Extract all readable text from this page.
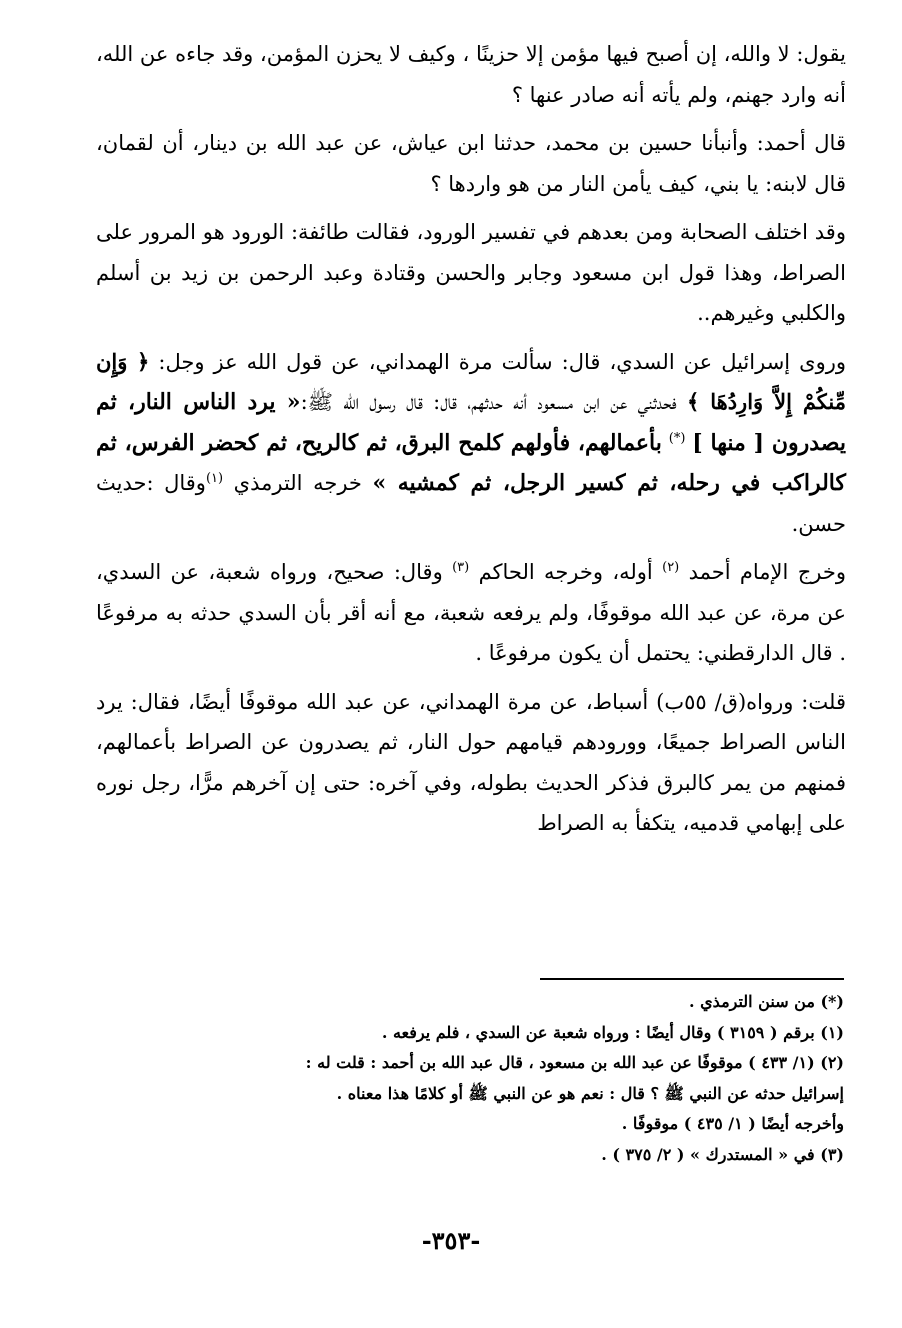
يقول: لا والله، إن أصبح فيها مؤمن إلا حزينًا ، وكيف لا يحزن المؤمن، وقد جاءه عن الله، أنه وارد جهنم، ولم يأته أنه صادر عنها ؟

قال أحمد: وأنبأنا حسين بن محمد، حدثنا ابن عياش، عن عبد الله بن دينار، أن لقمان، قال لابنه: يا بني، كيف يأمن النار من هو واردها ؟

وقد اختلف الصحابة ومن بعدهم في تفسير الورود، فقالت طائفة: الورود هو المرور على الصراط، وهذا قول ابن مسعود وجابر والحسن وقتادة وعبد الرحمن بن زيد بن أسلم والكلبي وغيرهم..

وروى إسرائيل عن السدي، قال: سألت مرة الهمداني، عن قول الله عز وجل: ﴿ وَإِن مِّنكُمْ إِلاَّ وَارِدُهَا ﴾ فحدثني عن ابن مسعود أنه حدثهم، قال: قال رسول الله ﷺ:« يرد الناس النار، ثم يصدرون [ منها ] (*) بأعمالهم، فأولهم كلمح البرق، ثم كالريح، ثم كحضر الفرس، ثم كالراكب في رحله، ثم كسير الرجل، ثم كمشيه » خرجه الترمذي $^{(١)}$وقال :حديث حسن.

وخرج الإمام أحمد $^{(٢)}$ أوله، وخرجه الحاكم $^{(٣)}$ وقال: صحيح، ورواه شعبة، عن السدي، عن مرة، عن عبد الله موقوفًا، ولم يرفعه شعبة، مع أنه أقر بأن السدي حدثه به مرفوعًا . قال الدارقطني: يحتمل أن يكون مرفوعًا .

قلت: ورواه(ق/ ٥٥ب) أسباط، عن مرة الهمداني، عن عبد الله موقوفًا أيضًا، فقال: يرد الناس الصراط جميعًا، وورودهم قيامهم حول النار، ثم يصدرون عن الصراط بأعمالهم، فمنهم من يمر كالبرق فذكر الحديث بطوله، وفي آخره: حتى إن آخرهم مرًّا، رجل نوره على إبهامي قدميه، يتكفأ به الصراط

(*) من سنن الترمذي .

(١) برقم ( ٣١٥٩ ) وقال أيضًا : ورواه شعبة عن السدي ، فلم يرفعه .

(٢) (١/ ٤٣٣ ) موقوفًا عن عبد الله بن مسعود ، قال عبد الله بن أحمد : قلت له :

إسرائيل حدثه عن النبي ﷺ ؟ قال : نعم هو عن النبي ﷺ أو كلامًا هذا معناه .

وأخرجه أيضًا ( ١/ ٤٣٥ ) موقوفًا .

(٣) في « المستدرك » ( ٢/ ٣٧٥ ) .

-٣٥٣-
